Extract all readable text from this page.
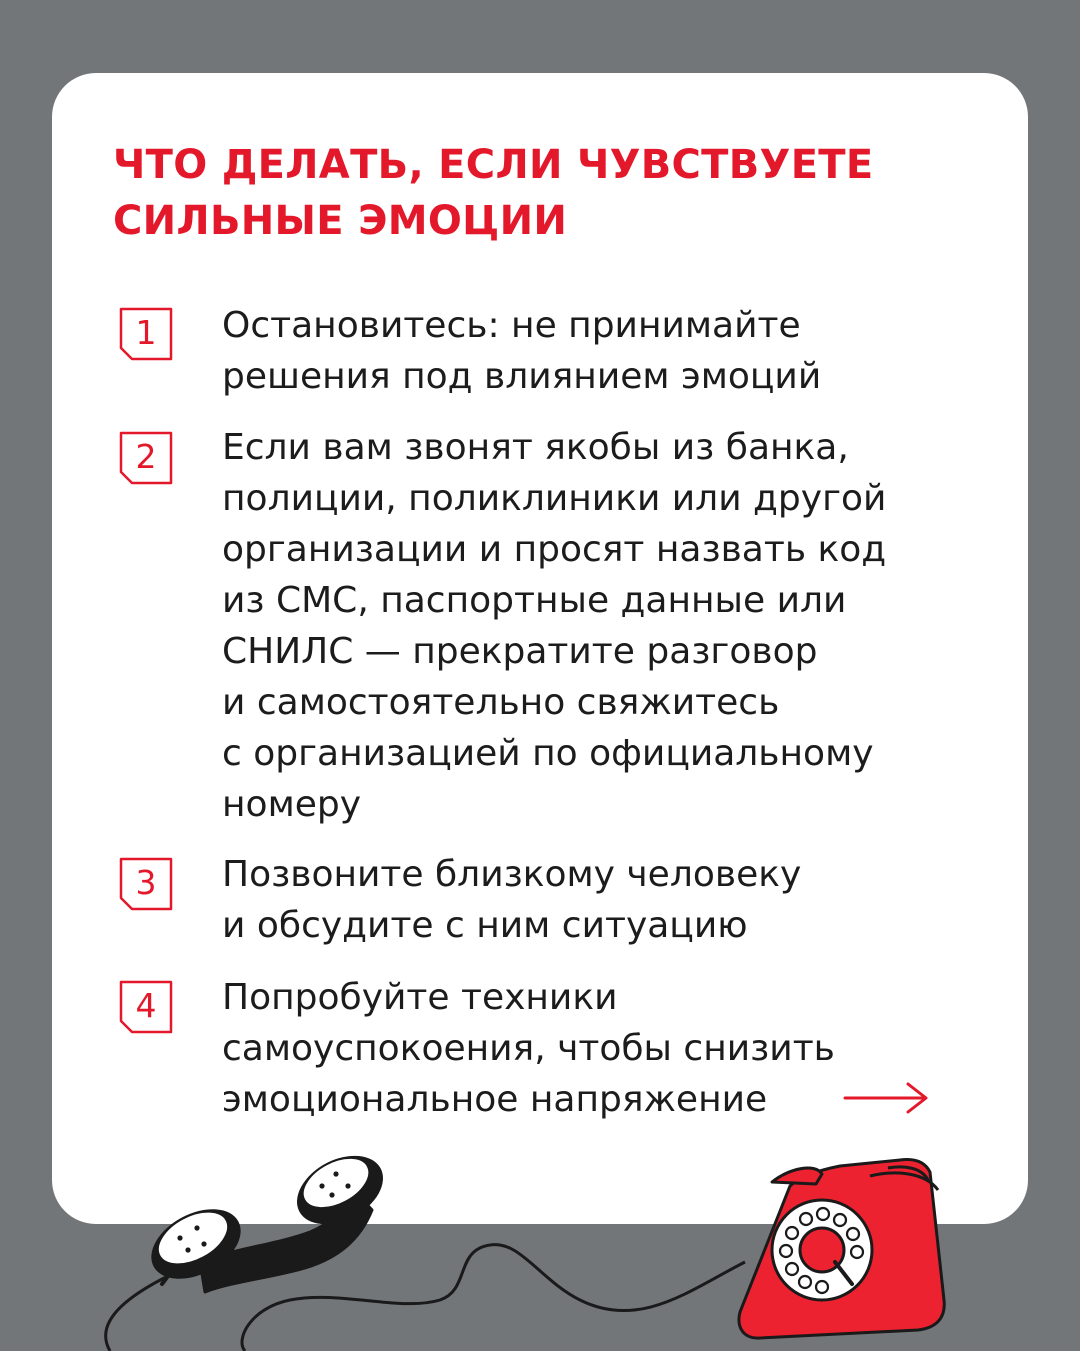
ЧТО ДЕЛАТЬ, ЕСЛИ ЧУВСТВУЕТЕ
СИЛЬНЫЕ ЭМОЦИИ
1	Остановитесь: не принимайте
решения под влиянием эмоций

2	Если вам звонят якобы из банка,
полиции, поликлиники или другой
организации и просят назвать код
из СМС, паспортные данные или
СНИЛС — прекратите разговор
и самостоятельно свяжитесь
с организацией по официальному
номеру

3	Позвоните близкому человеку
и обсудите с ним ситуацию

4	Попробуйте техники
самоуспокоения, чтобы снизить
эмоциональное напряжение
